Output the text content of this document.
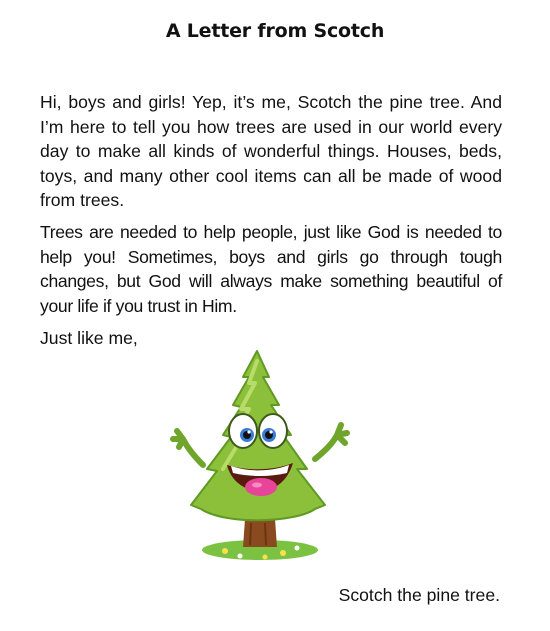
A Letter from Scotch

Hi, boys and girls! Yep, it’s me, Scotch the pine tree. And I’m here to tell you how trees are used in our world every day to make all kinds of wonderful things. Houses, beds, toys, and many other cool items can all be made of wood from trees.

Trees are needed to help people, just like God is needed to help you! Sometimes, boys and girls go through tough changes, but God will always make something beautiful of your life if you trust in Him.

Just like me,

Scotch the pine tree.
